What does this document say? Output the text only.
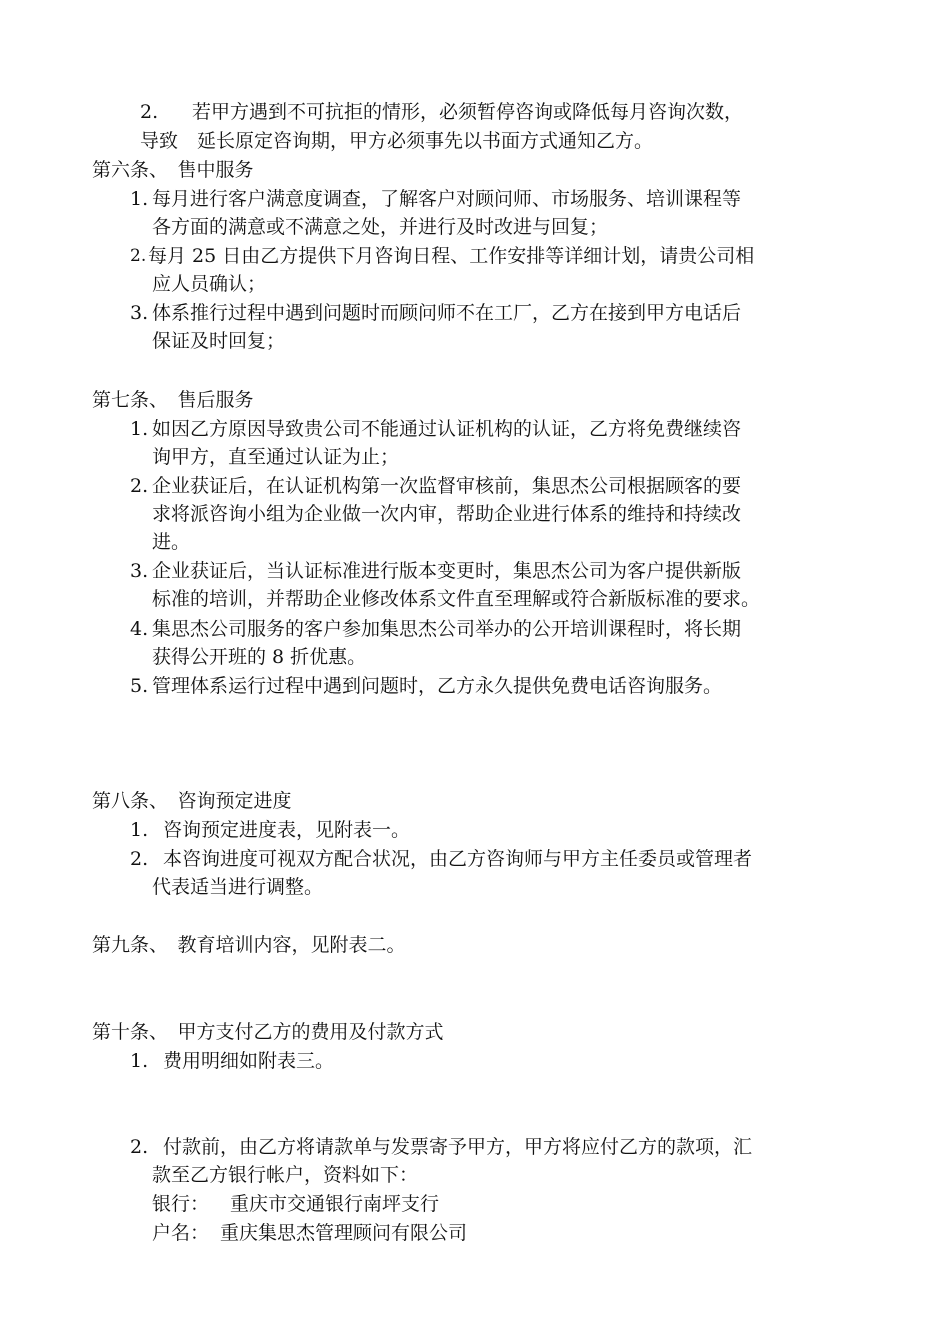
2. 若甲方遇到不可抗拒的情形，必须暂停咨询或降低每月咨询次数，
导致　延长原定咨询期，甲方必须事先以书面方式通知乙方。
第六条、　售中服务
1. 每月进行客户满意度调查，了解客户对顾问师、市场服务、培训课程等
各方面的满意或不满意之处，并进行及时改进与回复；
2. 每月 25 日由乙方提供下月咨询日程、工作安排等详细计划，请贵公司相
应人员确认；
3. 体系推行过程中遇到问题时而顾问师不在工厂，乙方在接到甲方电话后
保证及时回复；
第七条、　售后服务
1. 如因乙方原因导致贵公司不能通过认证机构的认证，乙方将免费继续咨
询甲方，直至通过认证为止；
2. 企业获证后，在认证机构第一次监督审核前，集思杰公司根据顾客的要
求将派咨询小组为企业做一次内审，帮助企业进行体系的维持和持续改
进。
3. 企业获证后，当认证标准进行版本变更时，集思杰公司为客户提供新版
标准的培训，并帮助企业修改体系文件直至理解或符合新版标准的要求。
4. 集思杰公司服务的客户参加集思杰公司举办的公开培训课程时，将长期
获得公开班的 8 折优惠。
5. 管理体系运行过程中遇到问题时，乙方永久提供免费电话咨询服务。
第八条、　咨询预定进度
1. 咨询预定进度表，见附表一。
2. 本咨询进度可视双方配合状况，由乙方咨询师与甲方主任委员或管理者
代表适当进行调整。
第九条、　教育培训内容，见附表二。
第十条、　甲方支付乙方的费用及付款方式
1. 费用明细如附表三。
2. 付款前，由乙方将请款单与发票寄予甲方，甲方将应付乙方的款项，汇
款至乙方银行帐户，资料如下：
银行： 重庆市交通银行南坪支行
户名： 重庆集思杰管理顾问有限公司
